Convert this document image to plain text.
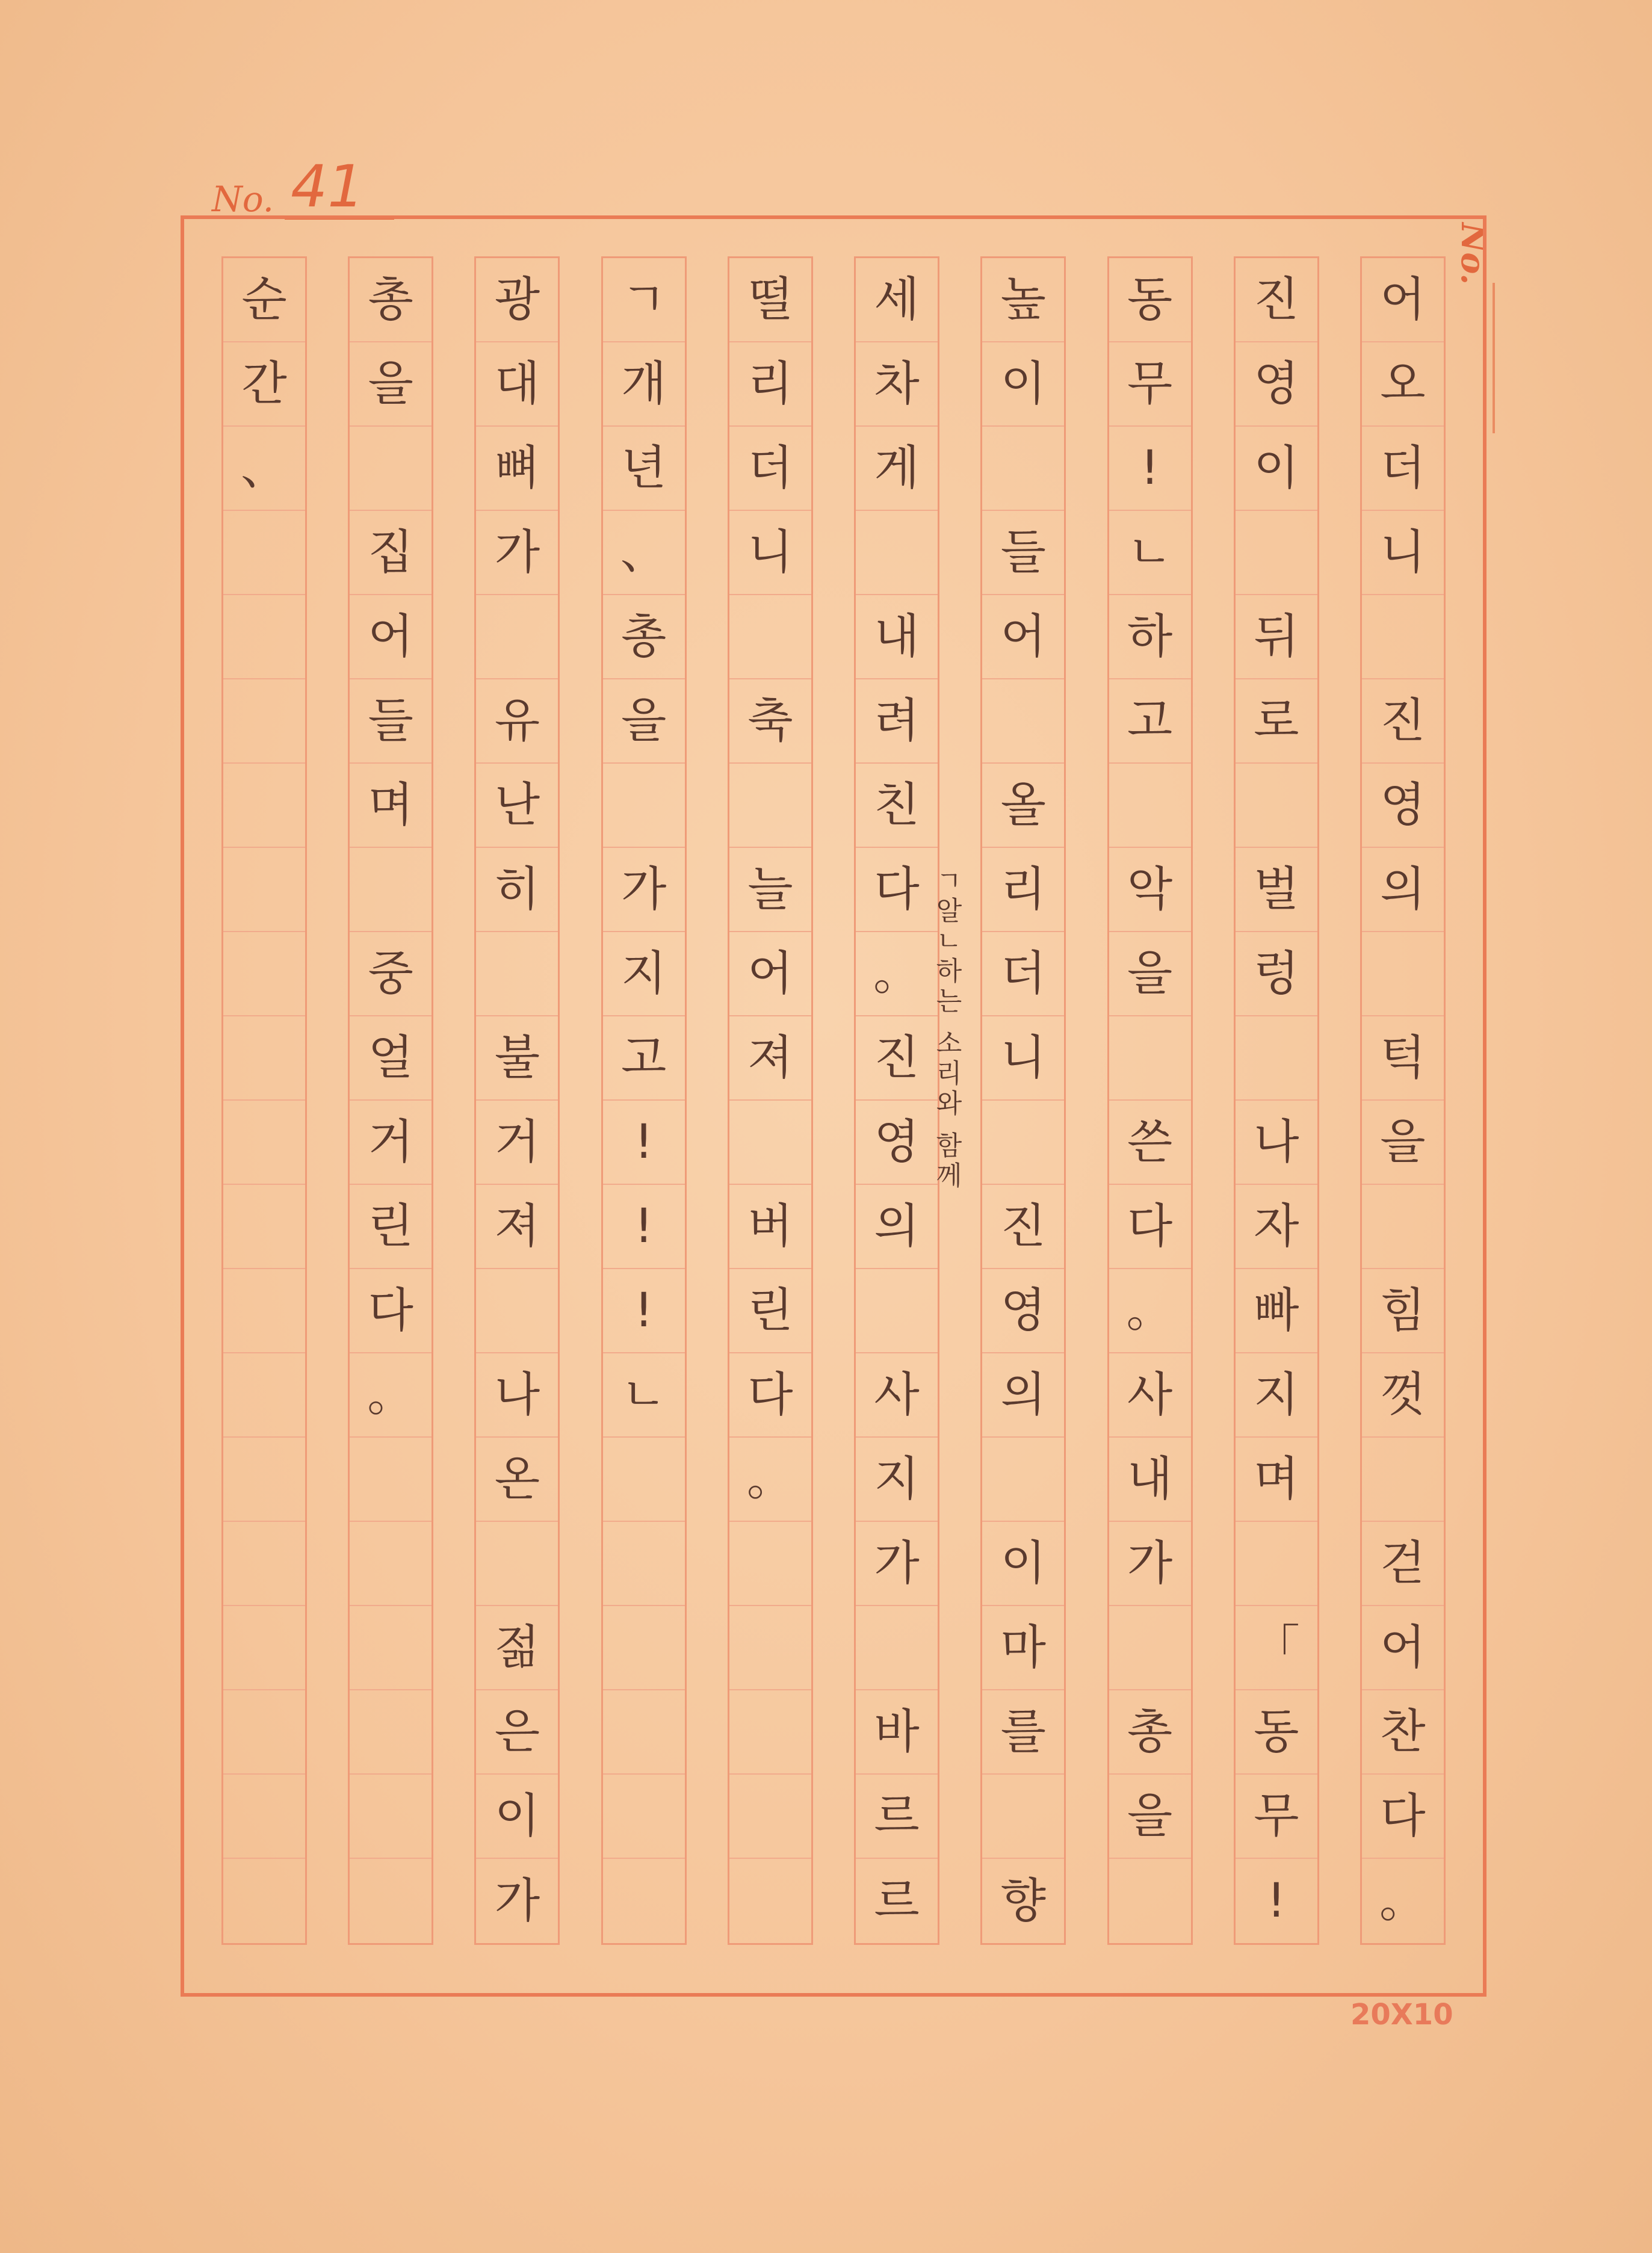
No. 41
No.
어
오
더
니
진
영
의
턱
을
힘
껏
걷
어
찬
다
。
진
영
이
뒤
로
벌
렁
나
자
빠
지
며
「
동
무
!
동
무
!
ㄴ
하
고
악
을
쓴
다
。
사
내
가
총
을
높
이
들
어
올
리
더
니
진
영
의
이
마
를
향
세
차
게
내
려
친
다
。
진
영
의
사
지
가
바
르
르
떨
리
더
니
축
늘
어
져
버
린
다
。
ㄱ
개
년
、
총
을
가
지
고
!
!
!
ㄴ
광
대
뼈
가
유
난
히
불
거
져
나
온
젊
은
이
가
총
을
집
어
들
며
중
얼
거
린
다
。
순
간
、
20X10
ㄱ알ㄴ하는 소리와 함께
